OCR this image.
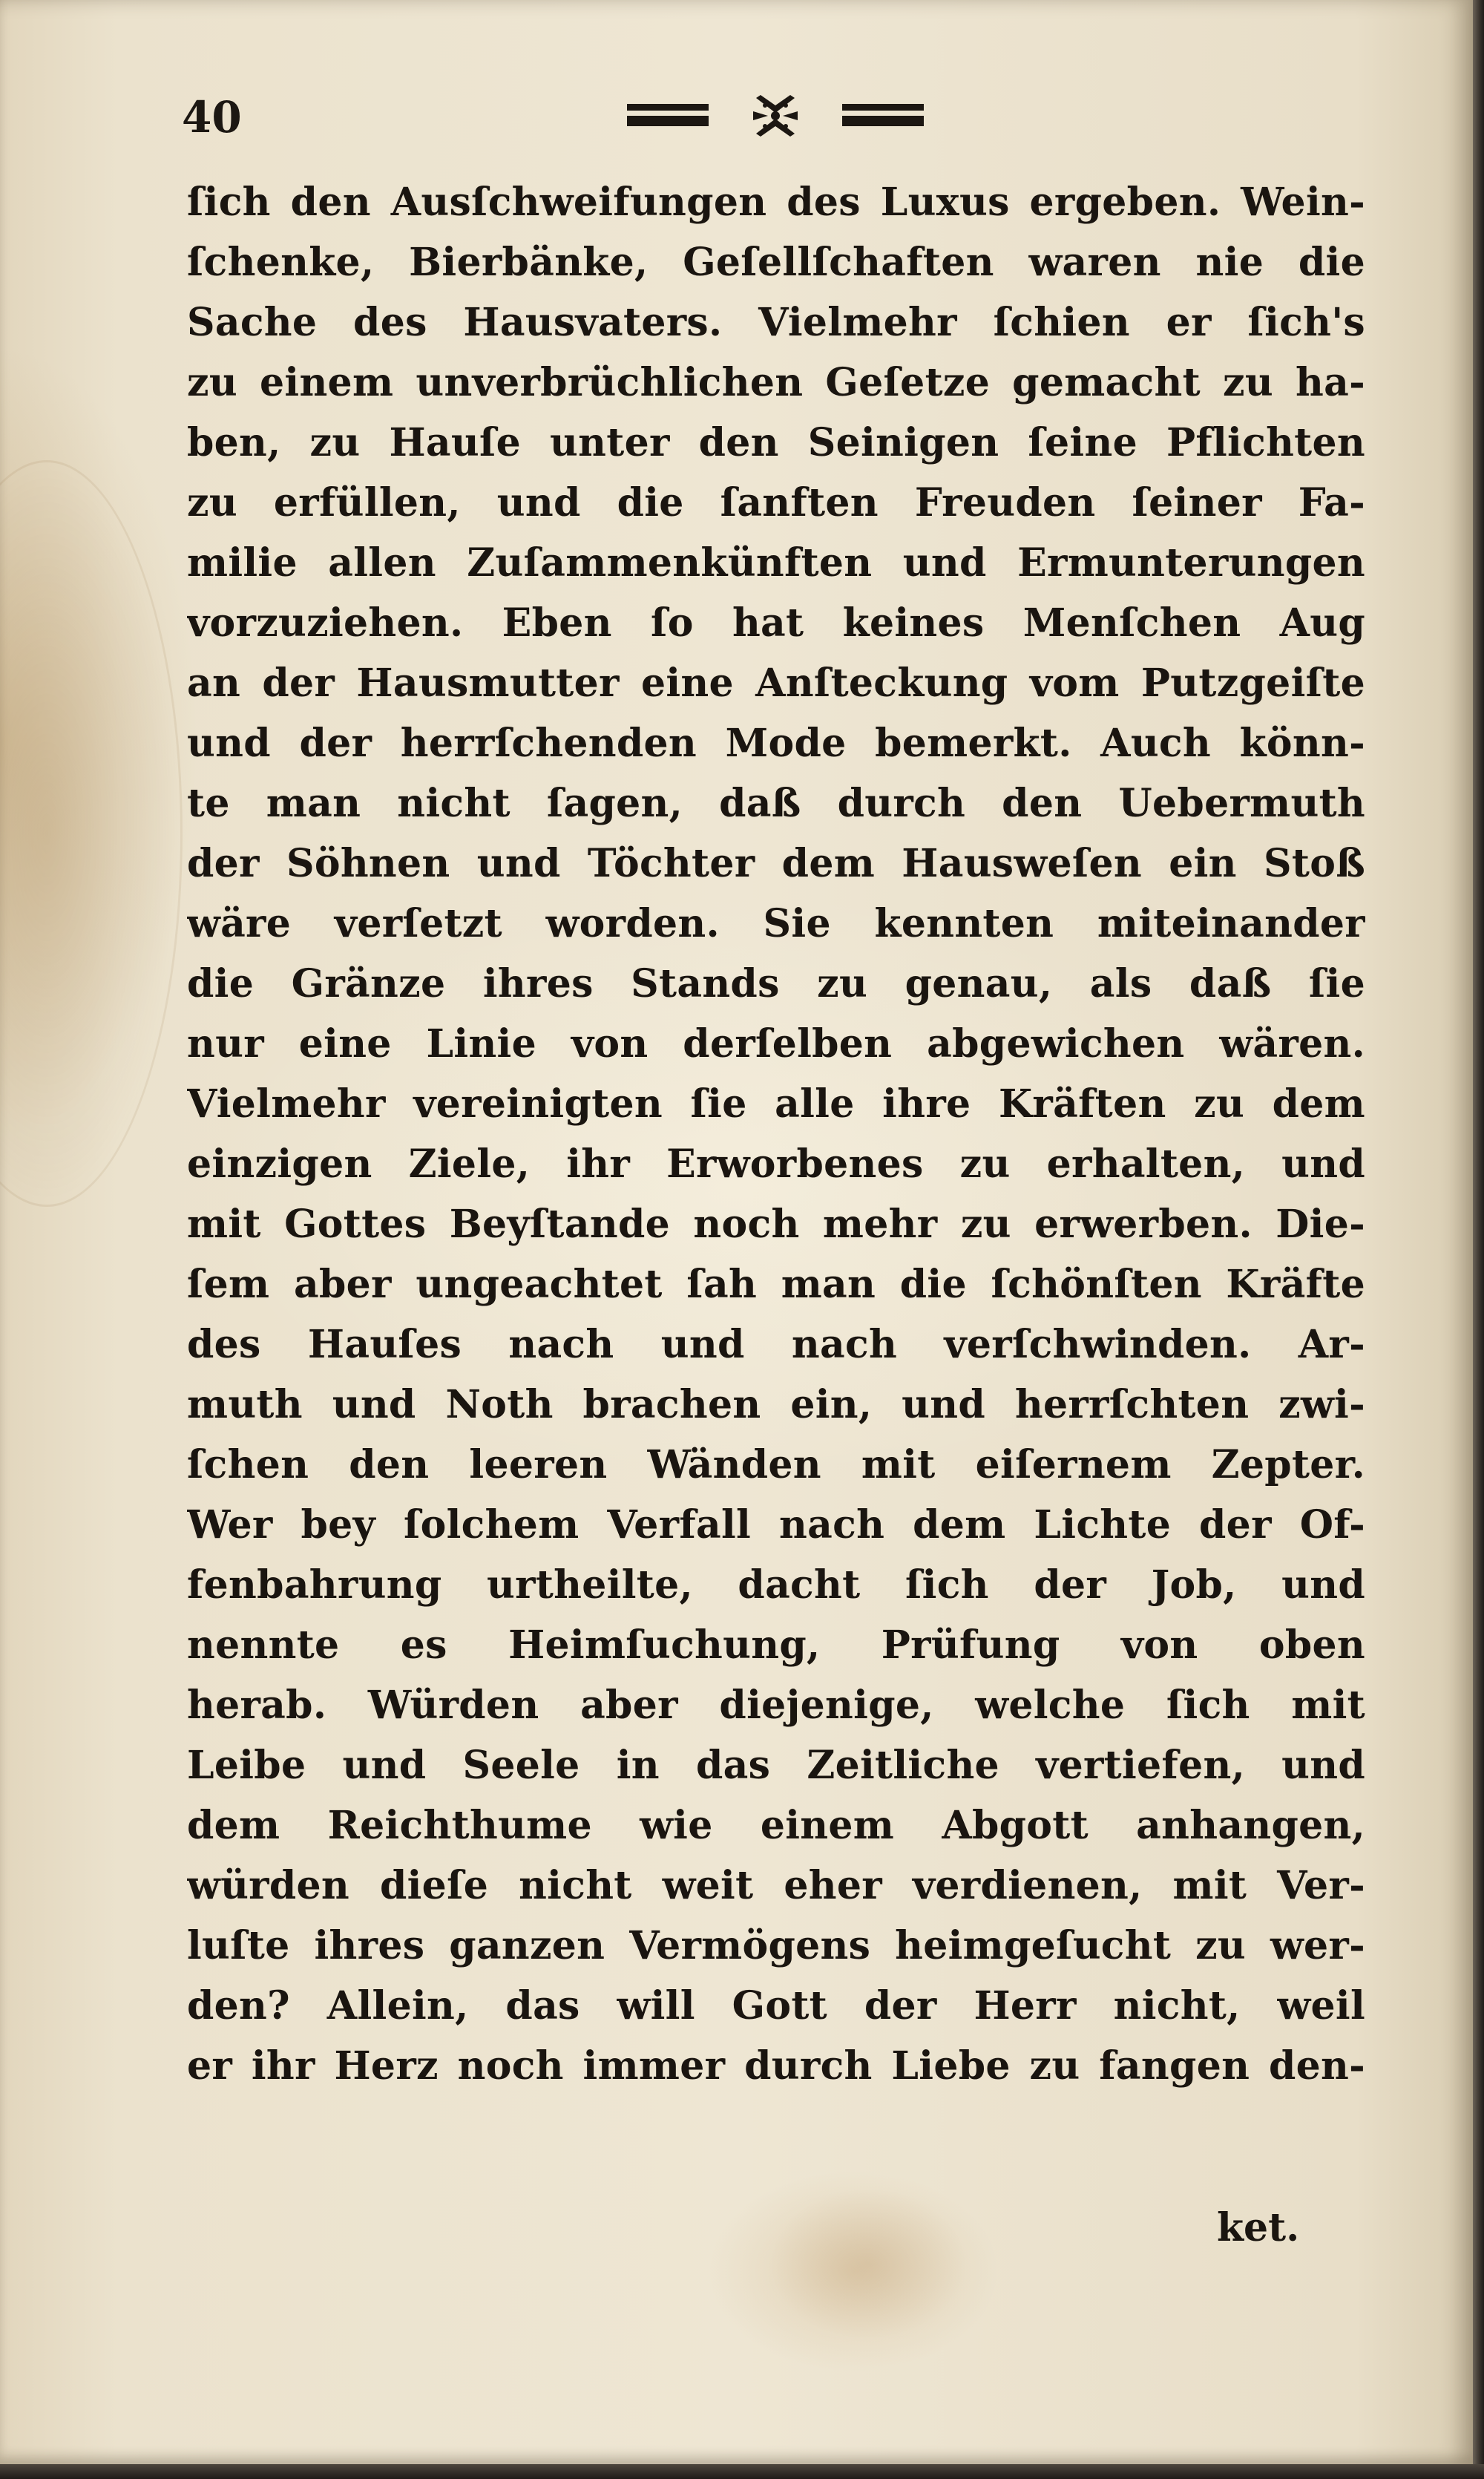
40
ſich den Ausſchweifungen des Luxus ergeben. Wein-
ſchenke, Bierbänke, Geſellſchaften waren nie die
Sache des Hausvaters. Vielmehr ſchien er ſich's
zu einem unverbrüchlichen Geſetze gemacht zu ha-
ben, zu Hauſe unter den Seinigen ſeine Pflichten
zu erfüllen, und die ſanften Freuden ſeiner Fa-
milie allen Zuſammenkünften und Ermunterungen
vorzuziehen. Eben ſo hat keines Menſchen Aug
an der Hausmutter eine Anſteckung vom Putzgeiſte
und der herrſchenden Mode bemerkt. Auch könn-
te man nicht ſagen, daß durch den Uebermuth
der Söhnen und Töchter dem Hausweſen ein Stoß
wäre verſetzt worden. Sie kennten miteinander
die Gränze ihres Stands zu genau, als daß ſie
nur eine Linie von derſelben abgewichen wären.
Vielmehr vereinigten ſie alle ihre Kräften zu dem
einzigen Ziele, ihr Erworbenes zu erhalten, und
mit Gottes Beyſtande noch mehr zu erwerben. Die-
ſem aber ungeachtet ſah man die ſchönſten Kräfte
des Hauſes nach und nach verſchwinden. Ar-
muth und Noth brachen ein, und herrſchten zwi-
ſchen den leeren Wänden mit eiſernem Zepter.
Wer bey ſolchem Verfall nach dem Lichte der Of-
fenbahrung urtheilte, dacht ſich der Job, und
nennte es Heimſuchung, Prüfung von oben
herab. Würden aber diejenige, welche ſich mit
Leibe und Seele in das Zeitliche vertiefen, und
dem Reichthume wie einem Abgott anhangen,
würden dieſe nicht weit eher verdienen, mit Ver-
luſte ihres ganzen Vermögens heimgeſucht zu wer-
den? Allein, das will Gott der Herr nicht, weil
er ihr Herz noch immer durch Liebe zu fangen den-
ket.
